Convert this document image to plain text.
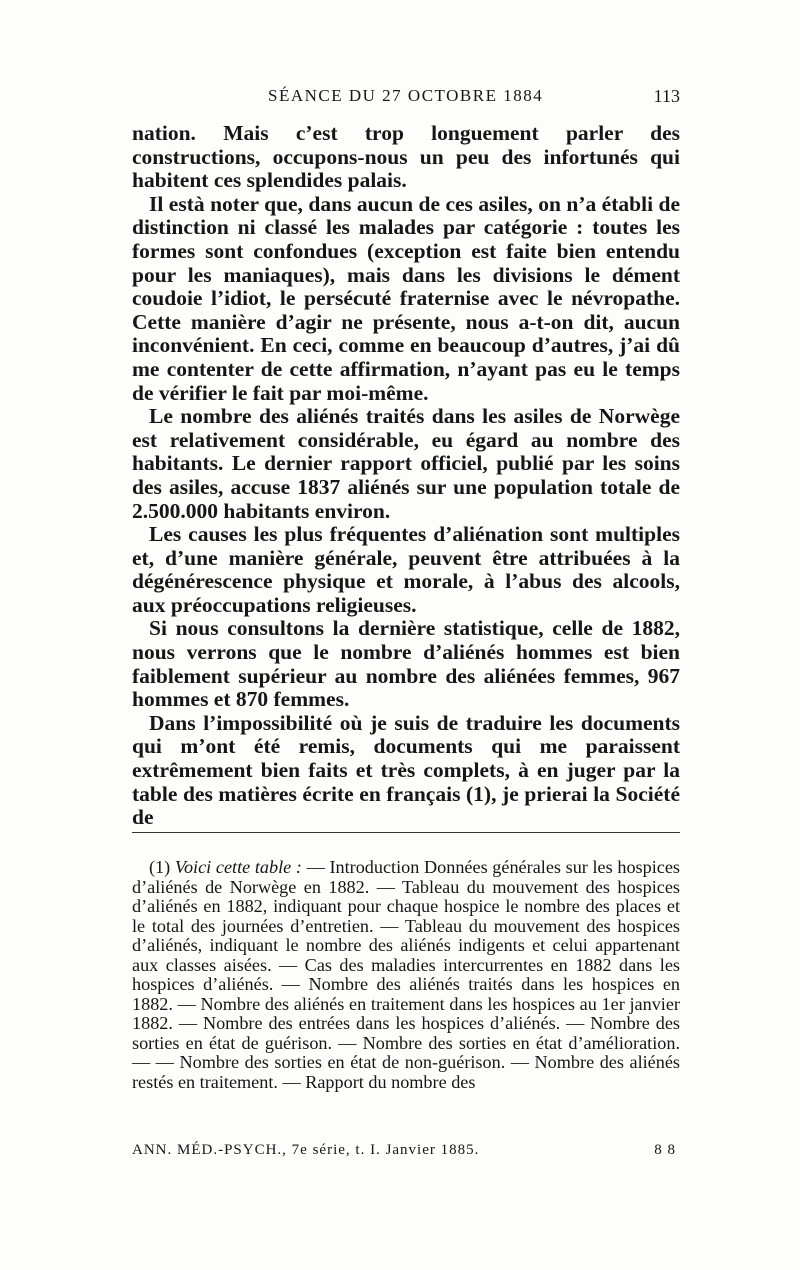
SÉANCE DU 27 OCTOBRE 1884	113

nation. Mais c’est trop longuement parler des constructions, occupons-nous un peu des infortunés qui habitent ces splendides palais.

Il està noter que, dans aucun de ces asiles, on n’a établi de distinction ni classé les malades par catégorie : toutes les formes sont confondues (exception est faite bien entendu pour les maniaques), mais dans les divisions le dément coudoie l’idiot, le persécuté fraternise avec le névropathe. Cette manière d’agir ne présente, nous a-t-on dit, aucun inconvénient. En ceci, comme en beaucoup d’autres, j’ai dû me contenter de cette affirmation, n’ayant pas eu le temps de vérifier le fait par moi-même.

Le nombre des aliénés traités dans les asiles de Norwège est relativement considérable, eu égard au nombre des habitants. Le dernier rapport officiel, publié par les soins des asiles, accuse 1837 aliénés sur une population totale de 2.500.000 habitants environ.

Les causes les plus fréquentes d’aliénation sont multiples et, d’une manière générale, peuvent être attribuées à la dégénérescence physique et morale, à l’abus des alcools, aux préoccupations religieuses.

Si nous consultons la dernière statistique, celle de 1882, nous verrons que le nombre d’aliénés hommes est bien faiblement supérieur au nombre des aliénées femmes, 967 hommes et 870 femmes.

Dans l’impossibilité où je suis de traduire les documents qui m’ont été remis, documents qui me paraissent extrêmement bien faits et très complets, à en juger par la table des matières écrite en français (1), je prierai la Société de

(1) Voici cette table : — Introduction Données générales sur les hospices d’aliénés de Norwège en 1882. — Tableau du mouvement des hospices d’aliénés en 1882, indiquant pour chaque hospice le nombre des places et le total des journées d’entretien. — Tableau du mouvement des hospices d’aliénés, indiquant le nombre des aliénés indigents et celui appartenant aux classes aisées. — Cas des maladies intercurrentes en 1882 dans les hospices d’aliénés. — Nombre des aliénés traités dans les hospices en 1882. — Nombre des aliénés en traitement dans les hospices au 1er janvier 1882. — Nombre des entrées dans les hospices d’aliénés. — Nombre des sorties en état de guérison. — Nombre des sorties en état d’amélioration. — — Nombre des sorties en état de non-guérison. — Nombre des aliénés restés en traitement. — Rapport du nombre des

ANN. MÉD.-PSYCH., 7e série, t. I. Janvier 1885.	8 8
